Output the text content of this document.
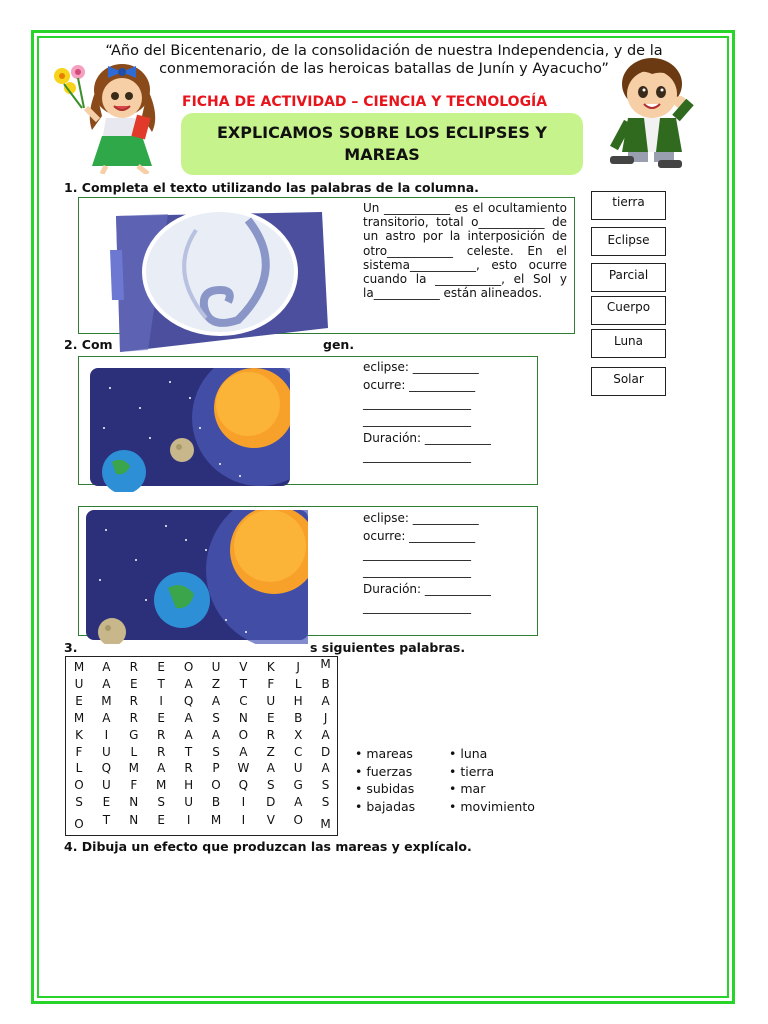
“Año del Bicentenario, de la consolidación de nuestra Independencia, y de la
conmemoración de las heroicas batallas de Junín y Ayacucho”
FICHA DE ACTIVIDAD – CIENCIA Y TECNOLOGÍA
EXPLICAMOS SOBRE LOS ECLIPSES Y
MAREAS
1. Completa el texto utilizando las palabras de la columna.
Un ___________ es el ocultamiento transitorio, total o___________ de un astro por la interposición de otro___________ celeste. En el sistema___________, esto ocurre cuando la ___________, el Sol y la___________ están alineados.
tierra
Eclipse
Parcial
Cuerpo
Luna
Solar
2. Com	gen.
eclipse: ___________
ocurre: ___________
__________________
__________________
Duración: ___________
__________________
eclipse: ___________
ocurre: ___________
__________________
__________________
Duración: ___________
__________________
3.	s siguientes palabras.
M	A	R	E	O	U	V	K	J	M
U	A	E	T	A	Z	T	F	L	B
E	M	R	I	Q	A	C	U	H	A
M	A	R	E	A	S	N	E	B	J
K	I	G	R	A	A	O	R	X	A
F	U	L	R	T	S	A	Z	C	D
L	Q	M	A	R	P	W	A	U	A
O	U	F	M	H	O	Q	S	G	S
S	E	N	S	U	B	I	D	A	S
O	T	N	E	I	M	I	V	O	M
• mareas
• fuerzas
• subidas
• bajadas
• luna
• tierra
• mar
• movimiento
4. Dibuja un efecto que produzcan las mareas y explícalo.
